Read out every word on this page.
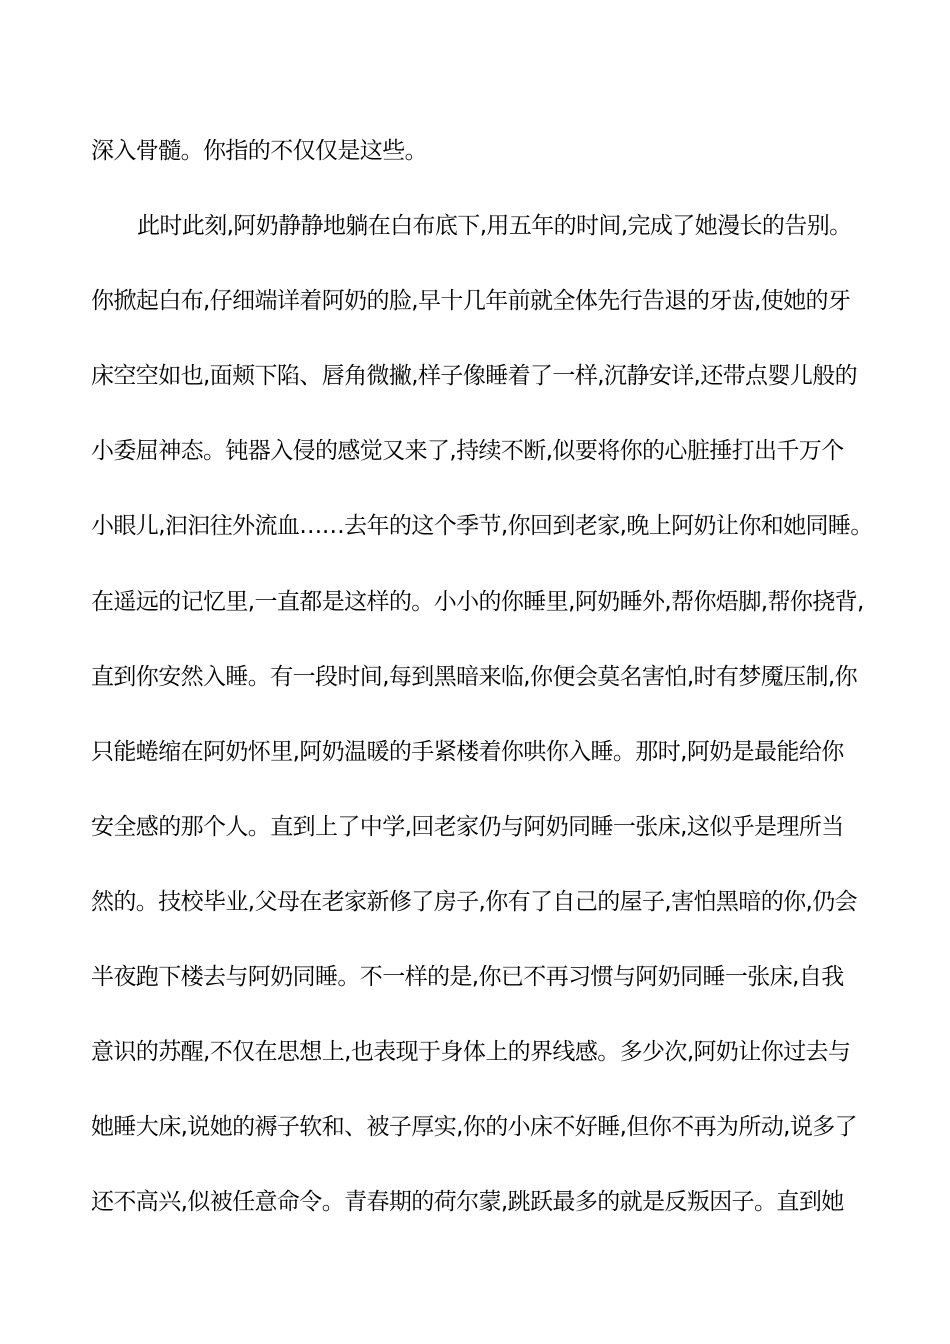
深入骨髓。你指的不仅仅是这些。
此时此刻,阿奶静静地躺在白布底下,用五年的时间,完成了她漫长的告别。
你掀起白布,仔细端详着阿奶的脸,早十几年前就全体先行告退的牙齿,使她的牙
床空空如也,面颊下陷、唇角微撇,样子像睡着了一样,沉静安详,还带点婴儿般的
小委屈神态。钝器入侵的感觉又来了,持续不断,似要将你的心脏捶打出千万个
小眼儿,汩汩往外流血……去年的这个季节,你回到老家,晚上阿奶让你和她同睡。
在遥远的记忆里,一直都是这样的。小小的你睡里,阿奶睡外,帮你焐脚,帮你挠背,
直到你安然入睡。有一段时间,每到黑暗来临,你便会莫名害怕,时有梦魇压制,你
只能蜷缩在阿奶怀里,阿奶温暖的手紧楼着你哄你入睡。那时,阿奶是最能给你
安全感的那个人。直到上了中学,回老家仍与阿奶同睡一张床,这似乎是理所当
然的。技校毕业,父母在老家新修了房子,你有了自己的屋子,害怕黑暗的你,仍会
半夜跑下楼去与阿奶同睡。不一样的是,你已不再习惯与阿奶同睡一张床,自我
意识的苏醒,不仅在思想上,也表现于身体上的界线感。多少次,阿奶让你过去与
她睡大床,说她的褥子软和、被子厚实,你的小床不好睡,但你不再为所动,说多了
还不高兴,似被任意命令。青春期的荷尔蒙,跳跃最多的就是反叛因子。直到她
